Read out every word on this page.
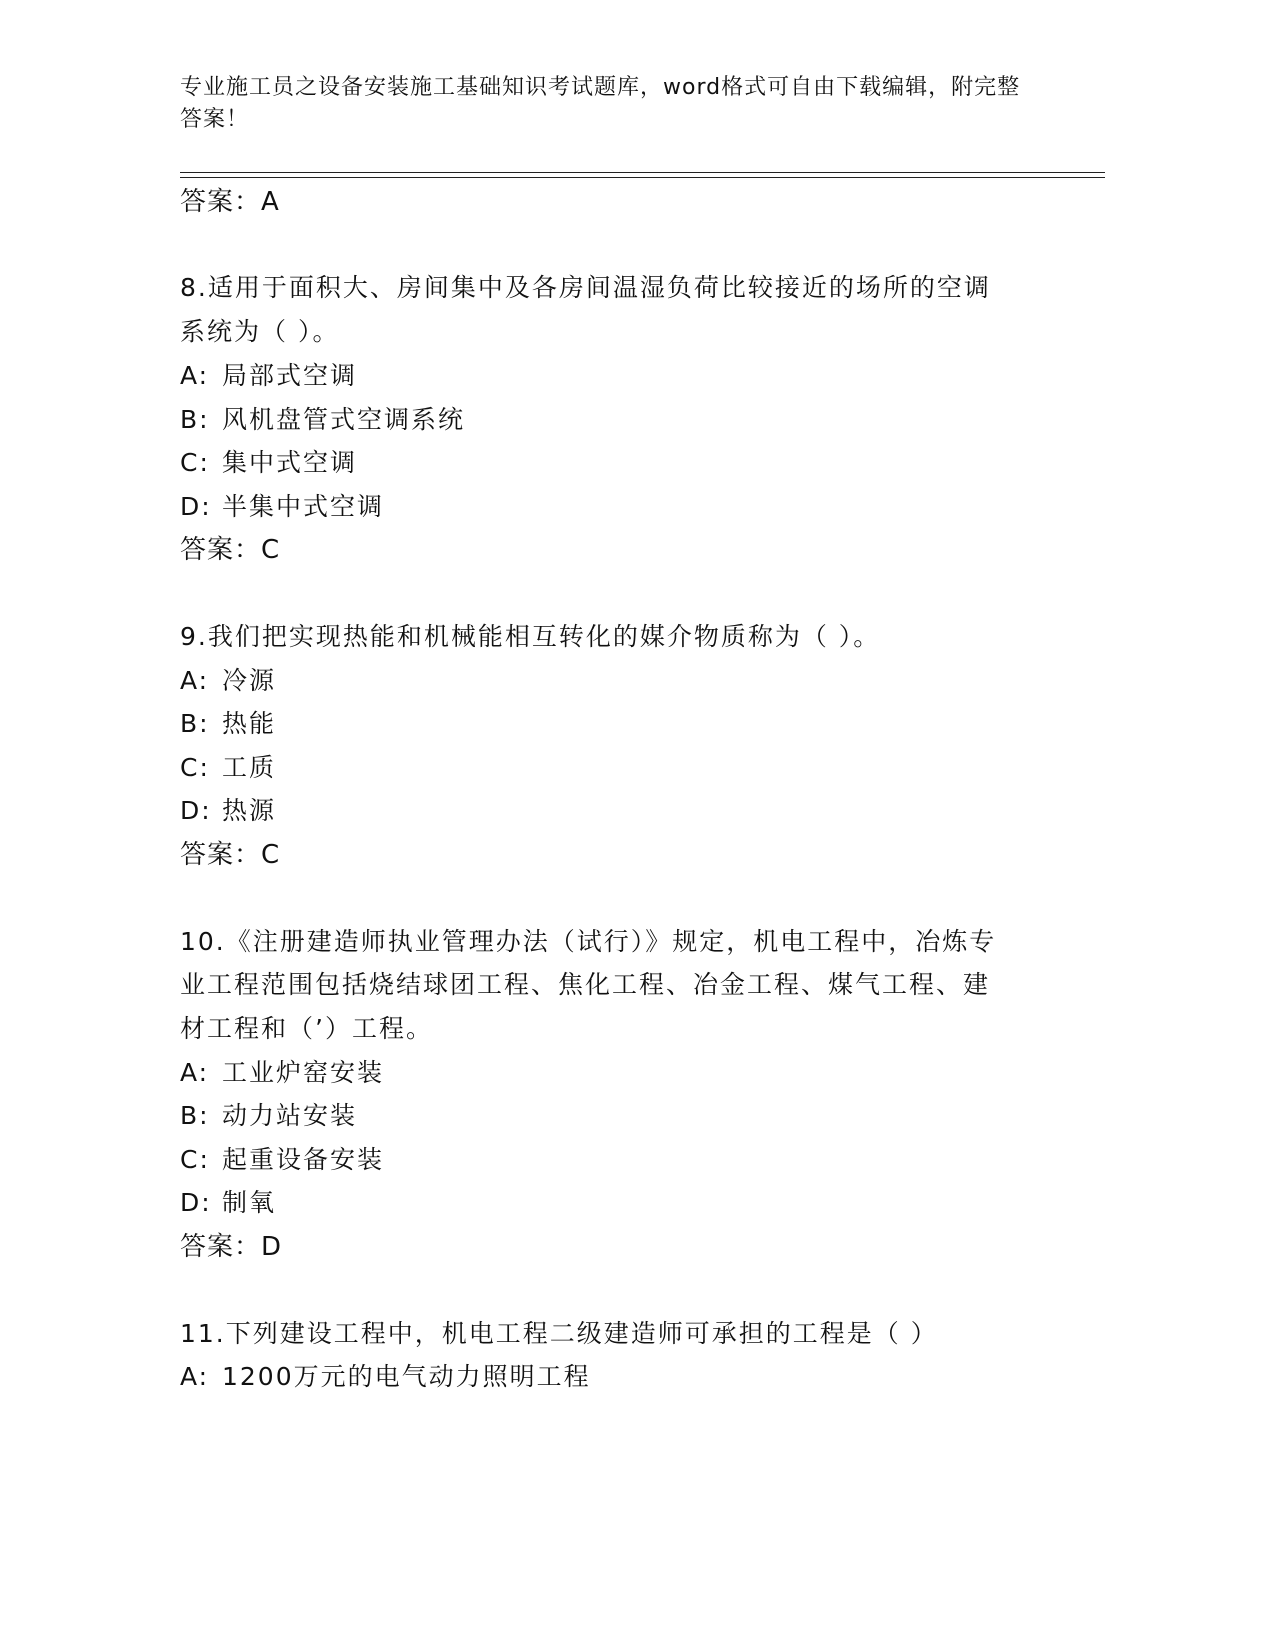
专业施工员之设备安装施工基础知识考试题库，word格式可自由下载编辑，附完整答案！
答案：A
8.适用于面积大、房间集中及各房间温湿负荷比较接近的场所的空调
系统为（ ）。
A: 局部式空调
B: 风机盘管式空调系统
C: 集中式空调
D: 半集中式空调
答案：C
9.我们把实现热能和机械能相互转化的媒介物质称为（ ）。
A: 冷源
B: 热能
C: 工质
D: 热源
答案：C
10.《注册建造师执业管理办法（试行）》规定，机电工程中，冶炼专
业工程范围包括烧结球团工程、焦化工程、冶金工程、煤气工程、建
材工程和（’）工程。
A: 工业炉窑安装
B: 动力站安装
C: 起重设备安装
D: 制氧
答案：D
11.下列建设工程中，机电工程二级建造师可承担的工程是（ ）
A: 1200万元的电气动力照明工程
